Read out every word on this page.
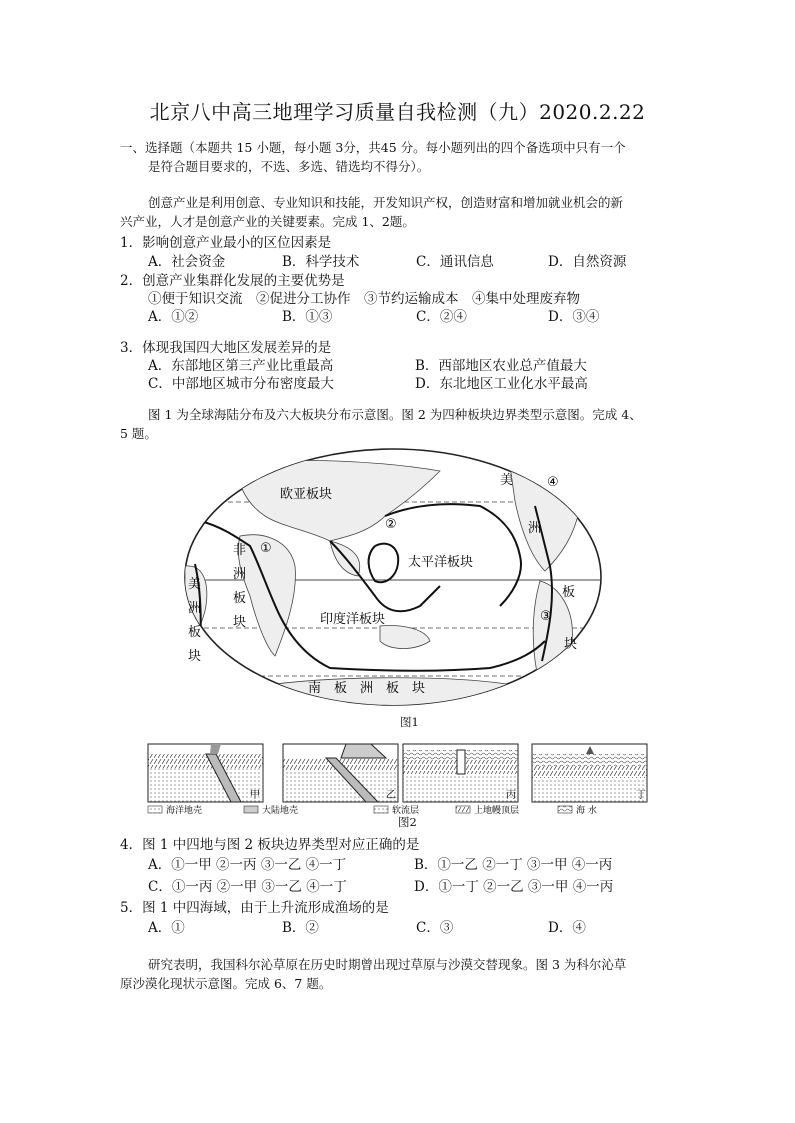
北京八中高三地理学习质量自我检测（九）2020.2.22
一、选择题（本题共 15 小题，每小题 3分，共45 分。每小题列出的四个备选项中只有一个
是符合题目要求的，不选、多选、错选均不得分）。
创意产业是利用创意、专业知识和技能，开发知识产权，创造财富和增加就业机会的新
兴产业，人才是创意产业的关键要素。完成 1、2题。
1．影响创意产业最小的区位因素是
A．社会资金	B．科学技术	C．通讯信息	D．自然资源
2．创意产业集群化发展的主要优势是
①便于知识交流　②促进分工协作　③节约运输成本　④集中处理废弃物
A．①②	B．①③	C．②④	D．③④
3．体现我国四大地区发展差异的是
A．东部地区第三产业比重最高	B．西部地区农业总产值最大
C．中部地区城市分布密度最大	D．东北地区工业化水平最高
图 1 为全球海陆分布及六大板块分布示意图。图 2 为四种板块边界类型示意图。完成 4、
5 题。
欧亚板块
非
洲
板
块
太平洋板块
印度洋板块
南　板　洲　板　块
美
洲
板
块
美
洲
板
块
①
②
③
④
图1
甲	乙	丙	丁
海洋地壳	大陆地壳	软流层	上地幔顶层	海 水
图2
4．图 1 中四地与图 2 板块边界类型对应正确的是
A．①一甲 ②一丙 ③一乙 ④一丁	B．①一乙 ②一丁 ③一甲 ④一丙
C．①一丙 ②一甲 ③一乙 ④一丁	D．①一丁 ②一乙 ③一甲 ④一丙
5．图 1 中四海域，由于上升流形成渔场的是
A．①	B．②	C．③	D．④
研究表明，我国科尔沁草原在历史时期曾出现过草原与沙漠交替现象。图 3 为科尔沁草
原沙漠化现状示意图。完成 6、7 题。
